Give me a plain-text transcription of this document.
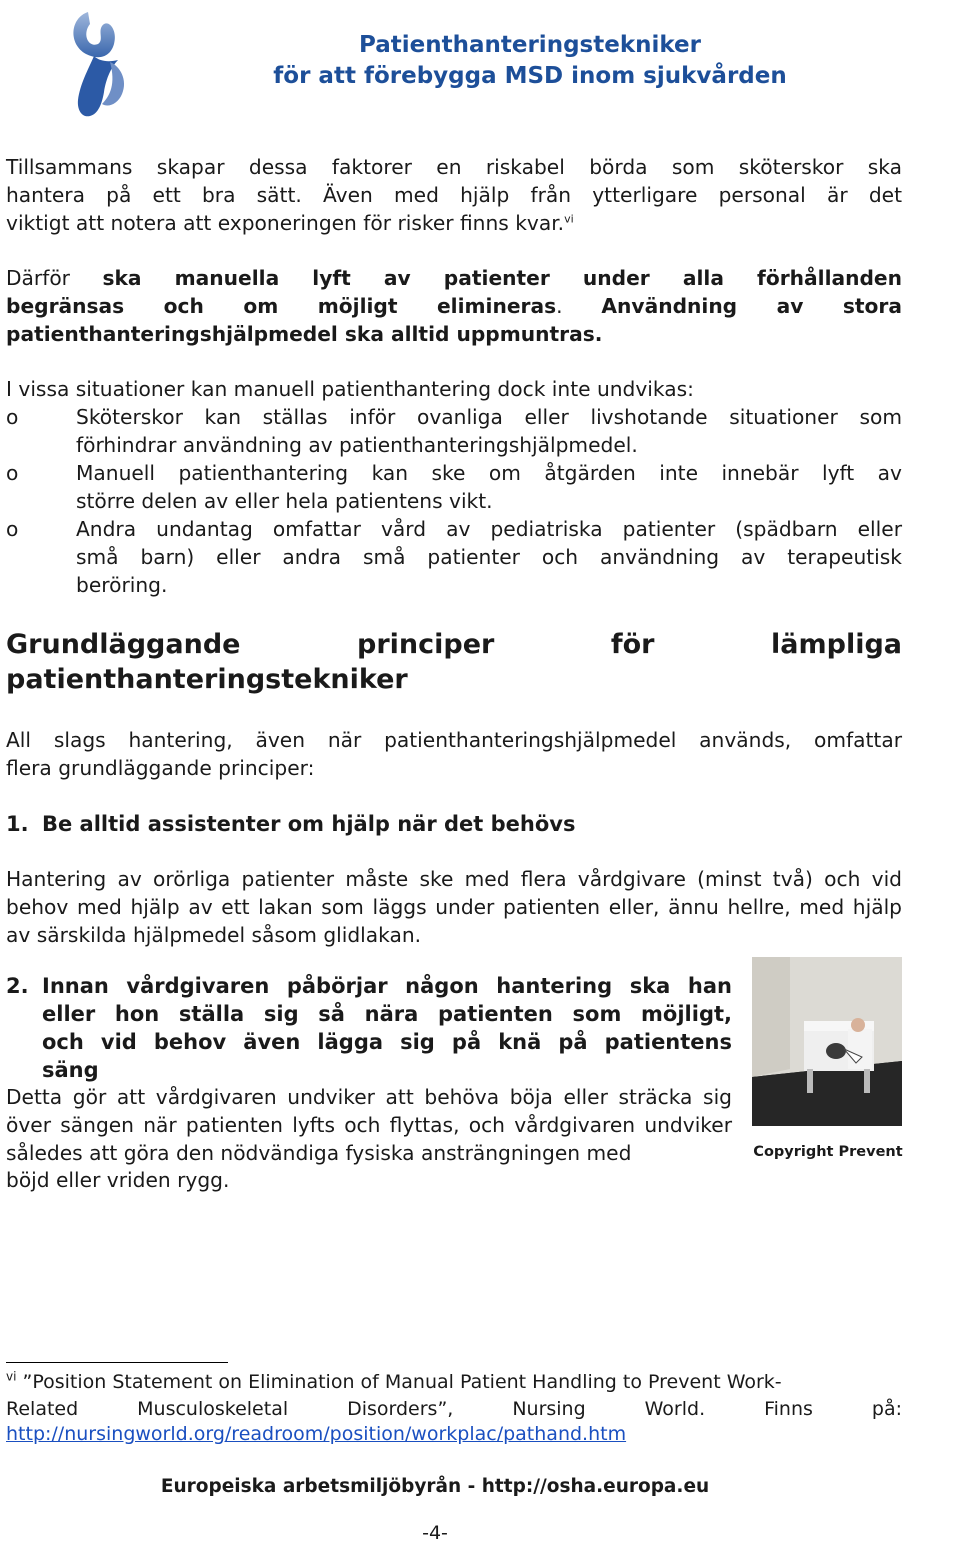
Patienthanteringstekniker
för att förebygga MSD inom sjukvården
Tillsammans skapar dessa faktorer en riskabel börda som sköterskor ska
hantera på ett bra sätt. Även med hjälp från ytterligare personal är det
viktigt att notera att exponeringen för risker finns kvar.$^{vi}$
Därför ska manuella lyft av patienter under alla förhållanden
begränsas och om möjligt elimineras. Användning av stora
patienthanteringshjälpmedel ska alltid uppmuntras.
I vissa situationer kan manuell patienthantering dock inte undvikas:
o	Sköterskor kan ställas inför ovanliga eller livshotande situationer som
förhindrar användning av patienthanteringshjälpmedel.
o	Manuell patienthantering kan ske om åtgärden inte innebär lyft av
större delen av eller hela patientens vikt.
o	Andra undantag omfattar vård av pediatriska patienter (spädbarn eller
små barn) eller andra små patienter och användning av terapeutisk
beröring.
Grundläggande principer för lämpliga
patienthanteringstekniker
All slags hantering, även när patienthanteringshjälpmedel används, omfattar
flera grundläggande principer:
1. Be alltid assistenter om hjälp när det behövs
Hantering av orörliga patienter måste ske med flera vårdgivare (minst två) och vid
behov med hjälp av ett lakan som läggs under patienten eller, ännu hellre, med hjälp
av särskilda hjälpmedel såsom glidlakan.
2. Innan vårdgivaren påbörjar någon hantering ska han
eller hon ställa sig så nära patienten som möjligt,
och vid behov även lägga sig på knä på patientens
säng
Detta gör att vårdgivaren undviker att behöva böja eller sträcka sig
över sängen när patienten lyfts och flyttas, och vårdgivaren undviker
således att göra den nödvändiga fysiska ansträngningen med
böjd eller vriden rygg.
Copyright Prevent
$^{vi}$ ”Position Statement on Elimination of Manual Patient Handling to Prevent Work-
Related Musculoskeletal Disorders”, Nursing World. Finns på:
http://nursingworld.org/readroom/position/workplac/pathand.htm
Europeiska arbetsmiljöbyrån - http://osha.europa.eu
-4-
